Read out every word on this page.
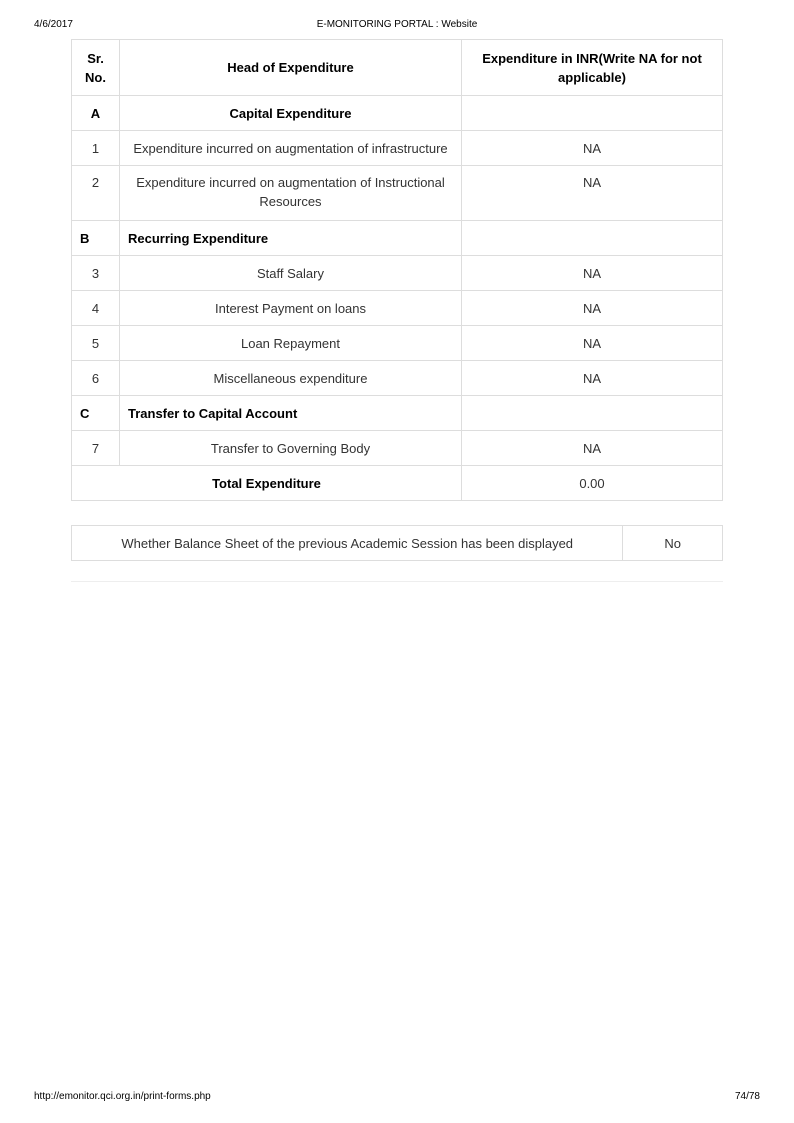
4/6/2017	E-MONITORING PORTAL : Website
Sr. No.	Head of Expenditure	Expenditure in INR(Write NA for not applicable)
A	Capital Expenditure	
1	Expenditure incurred on augmentation of infrastructure	NA
2	Expenditure incurred on augmentation of Instructional Resources	NA
B	Recurring Expenditure	
3	Staff Salary	NA
4	Interest Payment on loans	NA
5	Loan Repayment	NA
6	Miscellaneous expenditure	NA
C	Transfer to Capital Account	
7	Transfer to Governing Body	NA
Total Expenditure		0.00
Whether Balance Sheet of the previous Academic Session has been displayed	No
http://emonitor.qci.org.in/print-forms.php	74/78
